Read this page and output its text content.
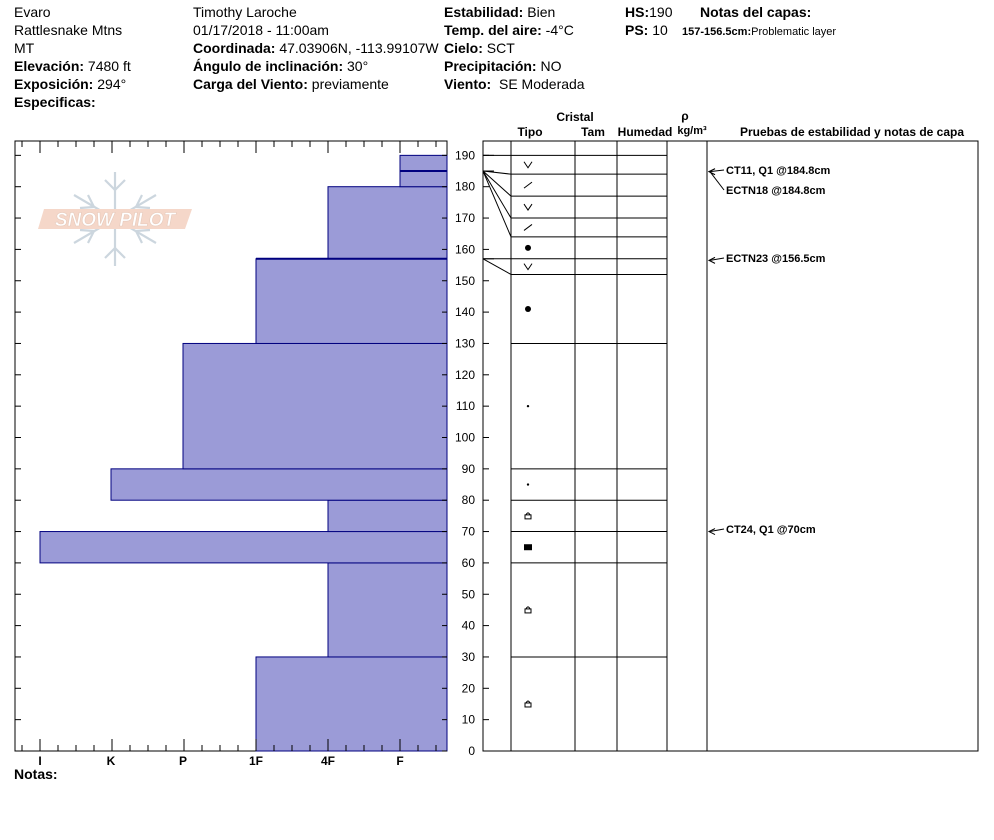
Evaro
Rattlesnake Mtns
MT
Elevación: 7480 ft
Exposición: 294°
Especificas:
Timothy Laroche
01/17/2018 - 11:00am
Coordinada: 47.03906N, -113.99107W
Ángulo de inclinación: 30°
Carga del Viento: previamente
Estabilidad: Bien
Temp. del aire: -4°C
Cielo: SCT
Precipitación: NO
Viento: SE Moderada
HS:190
PS: 10
Notas del capas:
157-156.5cm:Problematic layer
SNOW PILOT
I	K	P	1F	4F	F
0
10
20
30
40
50
60
70
80
90
100
110
120
130
140
150
160
170
180
190
Cristal
Tipo	Tam Humedad
ρ
kg/m³	Pruebas de estabilidad y notas de capa
CT11, Q1 @184.8cm
ECTN18 @184.8cm
ECTN23 @156.5cm
CT24, Q1 @70cm
Notas:
